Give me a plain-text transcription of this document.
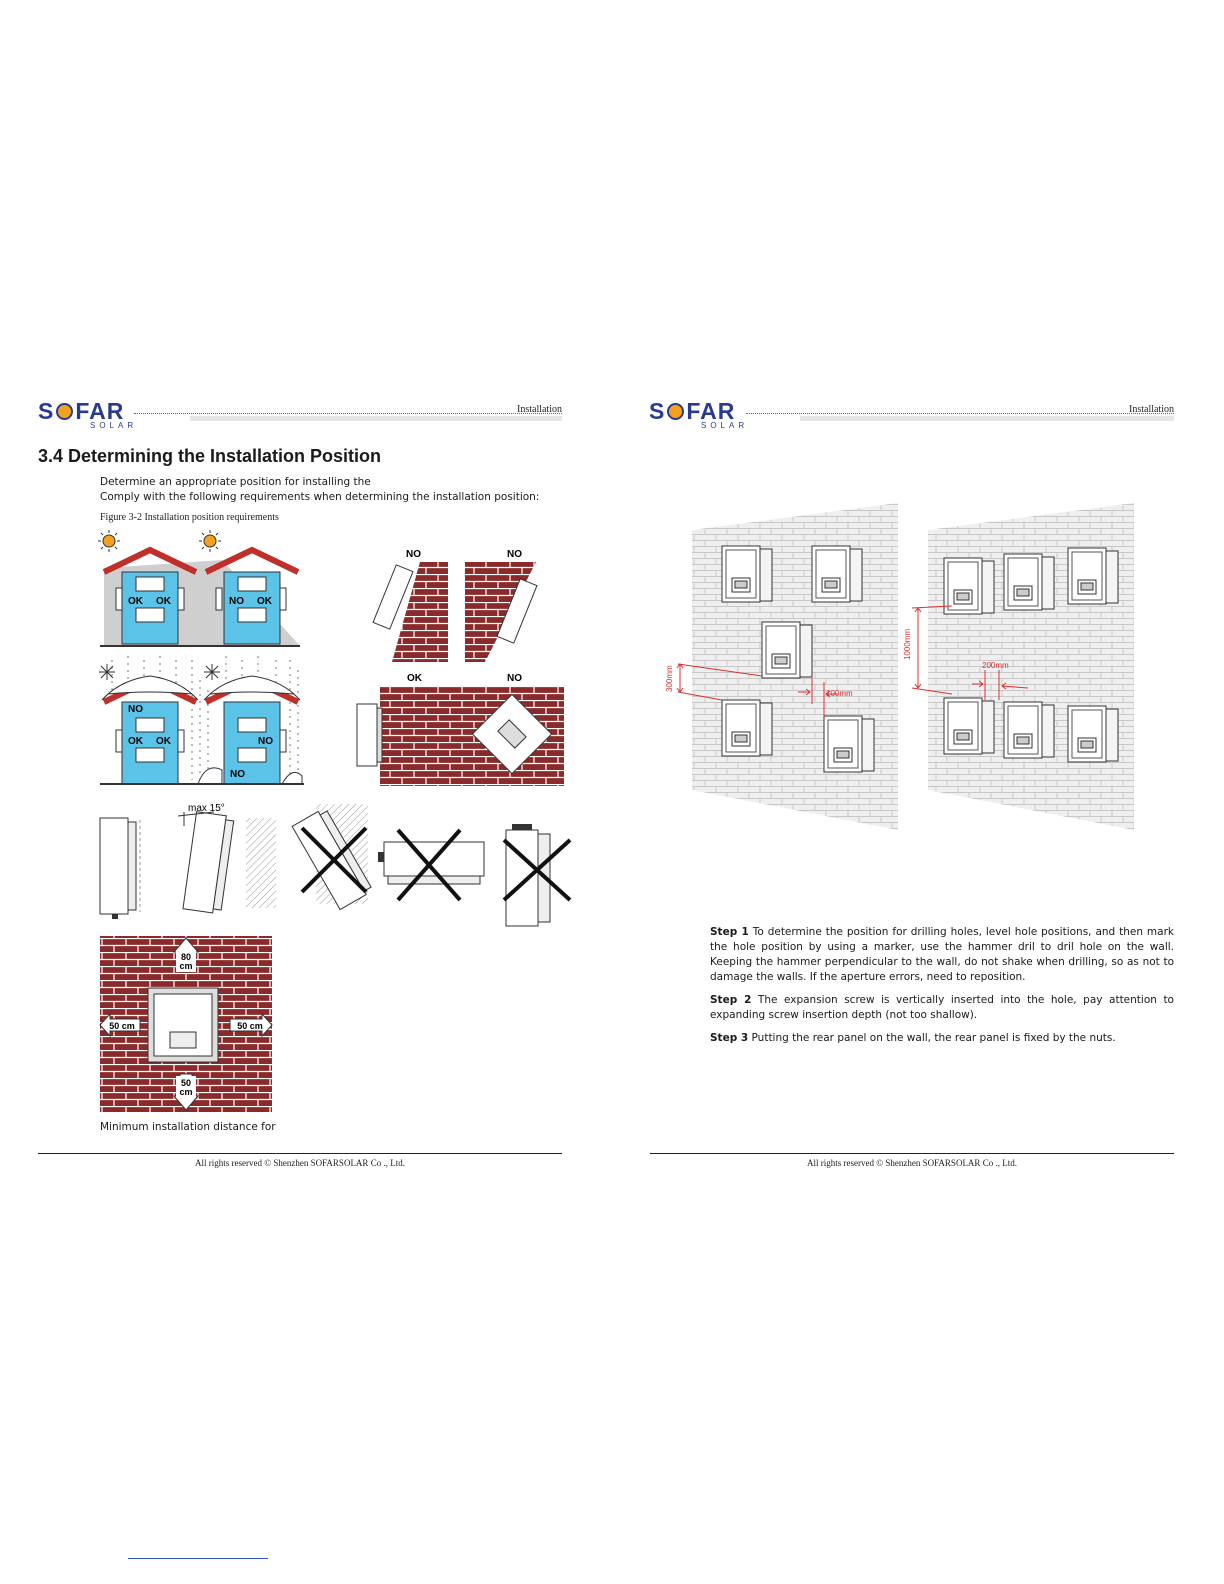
S FAR
SOLAR
Installation
3.4 Determining the Installation Position
Determine an appropriate position for installing the
Comply with the following requirements when determining the installation position:
Figure 3-2 Installation position requirements
OK OK	NO OK
NO
OK OK	NO
NO
NO	NO
OK	NO
max 15°
80
cm
50
cm
50 cm	50 cm
Minimum installation distance for
All rights reserved © Shenzhen SOFARSOLAR Co ., Ltd.
S FAR
SOLAR
Installation
300mm
100mm
1000mm
200mm

Step 1 To determine the position for drilling holes, level hole positions, and then mark the hole position by using a marker, use the hammer dril to dril hole on the wall. Keeping the hammer perpendicular to the wall, do not shake when drilling, so as not to damage the walls. If the aperture errors, need to reposition.

Step 2 The expansion screw is vertically inserted into the hole, pay attention to expanding screw insertion depth (not too shallow).

Step 3 Putting the rear panel on the wall, the rear panel is fixed by the nuts.

All rights reserved © Shenzhen SOFARSOLAR Co ., Ltd.
